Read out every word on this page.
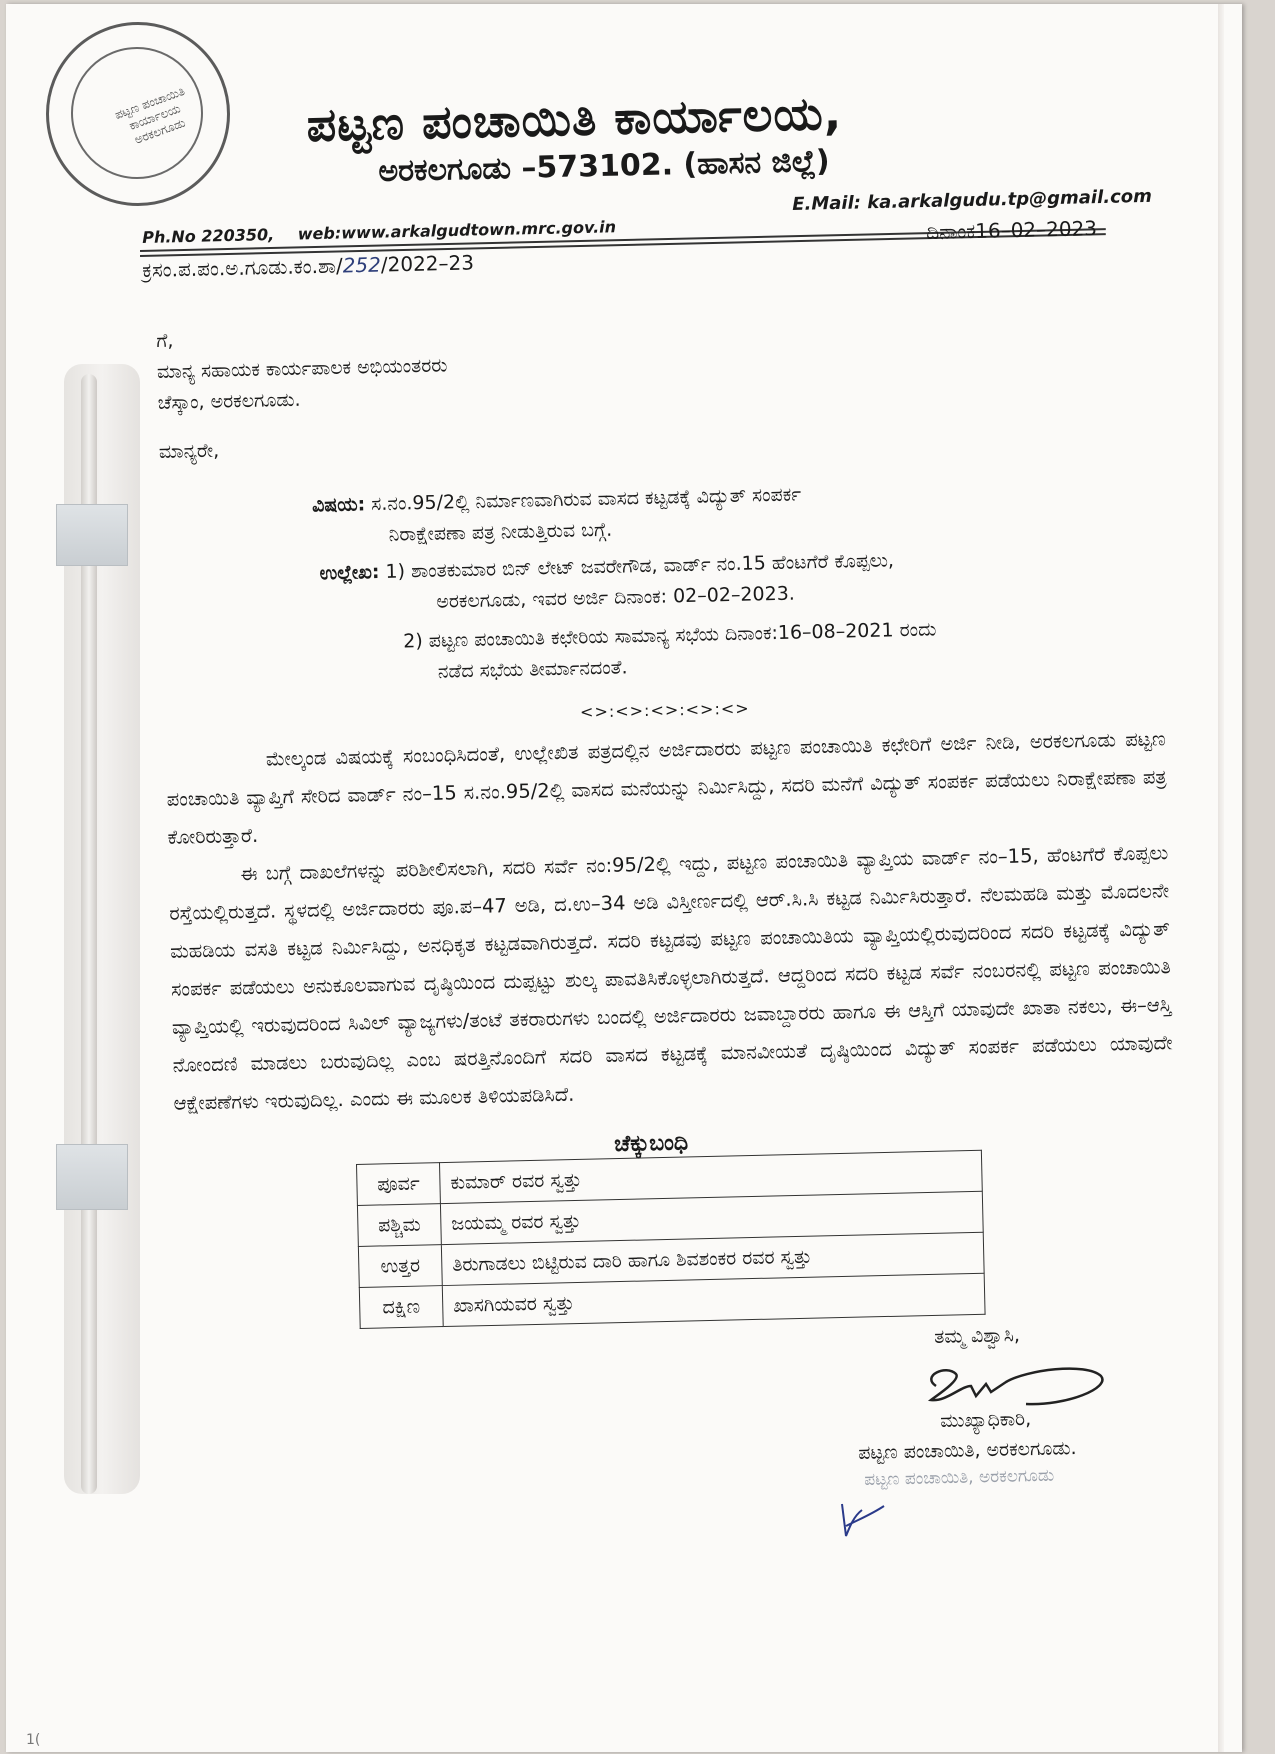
ಪಟ್ಟಣ ಪಂಚಾಯಿತಿ ಕಾರ್ಯಾಲಯ ಅರಕಲಗೂಡು	ಪಟ್ಟಣ ಪಂಚಾಯಿತಿ ಕಾರ್ಯಾಲಯ,
ಅರಕಲಗೂಡು –573102. (ಹಾಸನ ಜಿಲ್ಲೆ)
E.Mail: ka.arkalgudu.tp@gmail.com
Ph.No 220350, web:www.arkalgudtown.mrc.gov.in	ದಿನಾಂಕ16–02–2023
ಕ್ರಸಂ.ಪ.ಪಂ.ಅ.ಗೂಡು.ಕಂ.ಶಾ/252/2022–23
ಗೆ,
ಮಾನ್ಯ ಸಹಾಯಕ ಕಾರ್ಯಪಾಲಕ ಅಭಿಯಂತರರು
ಚೆಸ್ಕಾಂ, ಅರಕಲಗೂಡು.
ಮಾನ್ಯರೇ,
ವಿಷಯ: ಸ.ನಂ.95/2ಲ್ಲಿ ನಿರ್ಮಾಣವಾಗಿರುವ ವಾಸದ ಕಟ್ಟಡಕ್ಕೆ ವಿದ್ಯುತ್ ಸಂಪರ್ಕ
ನಿರಾಕ್ಷೇಪಣಾ ಪತ್ರ ನೀಡುತ್ತಿರುವ ಬಗ್ಗೆ.
ಉಲ್ಲೇಖ: 1) ಶಾಂತಕುಮಾರ ಬಿನ್ ಲೇಟ್ ಜವರೇಗೌಡ, ವಾರ್ಡ್ ನಂ.15 ಹೆಂಟಗೆರೆ ಕೊಪ್ಪಲು,
ಅರಕಲಗೂಡು, ಇವರ ಅರ್ಜಿ ದಿನಾಂಕ: 02–02–2023.
2) ಪಟ್ಟಣ ಪಂಚಾಯಿತಿ ಕಛೇರಿಯ ಸಾಮಾನ್ಯ ಸಭೆಯ ದಿನಾಂಕ:16–08–2021 ರಂದು
ನಡೆದ ಸಭೆಯ ತೀರ್ಮಾನದಂತೆ.
<>:<>:<>:<>:<>

ಮೇಲ್ಕಂಡ ವಿಷಯಕ್ಕೆ ಸಂಬಂಧಿಸಿದಂತೆ, ಉಲ್ಲೇಖಿತ ಪತ್ರದಲ್ಲಿನ ಅರ್ಜಿದಾರರು ಪಟ್ಟಣ ಪಂಚಾಯಿತಿ ಕಛೇರಿಗೆ ಅರ್ಜಿ ನೀಡಿ, ಅರಕಲಗೂಡು ಪಟ್ಟಣ ಪಂಚಾಯಿತಿ ವ್ಯಾಪ್ತಿಗೆ ಸೇರಿದ ವಾರ್ಡ್ ನಂ–15 ಸ.ನಂ.95/2ಲ್ಲಿ ವಾಸದ ಮನೆಯನ್ನು ನಿರ್ಮಿಸಿದ್ದು, ಸದರಿ ಮನೆಗೆ ವಿದ್ಯುತ್ ಸಂಪರ್ಕ ಪಡೆಯಲು ನಿರಾಕ್ಷೇಪಣಾ ಪತ್ರ ಕೋರಿರುತ್ತಾರೆ.

ಈ ಬಗ್ಗೆ ದಾಖಲೆಗಳನ್ನು ಪರಿಶೀಲಿಸಲಾಗಿ, ಸದರಿ ಸರ್ವೆ ನಂ:95/2ಲ್ಲಿ ಇದ್ದು, ಪಟ್ಟಣ ಪಂಚಾಯಿತಿ ವ್ಯಾಪ್ತಿಯ ವಾರ್ಡ್ ನಂ–15, ಹೆಂಟಗೆರೆ ಕೊಪ್ಪಲು ರಸ್ತೆಯಲ್ಲಿರುತ್ತದೆ. ಸ್ಥಳದಲ್ಲಿ ಅರ್ಜಿದಾರರು ಪೂ.ಪ–47 ಅಡಿ, ದ.ಉ–34 ಅಡಿ ವಿಸ್ತೀರ್ಣದಲ್ಲಿ ಆರ್.ಸಿ.ಸಿ ಕಟ್ಟಡ ನಿರ್ಮಿಸಿರುತ್ತಾರೆ. ನೆಲಮಹಡಿ ಮತ್ತು ಮೊದಲನೇ ಮಹಡಿಯ ವಸತಿ ಕಟ್ಟಡ ನಿರ್ಮಿಸಿದ್ದು, ಅನಧಿಕೃತ ಕಟ್ಟಡವಾಗಿರುತ್ತದೆ. ಸದರಿ ಕಟ್ಟಡವು ಪಟ್ಟಣ ಪಂಚಾಯಿತಿಯ ವ್ಯಾಪ್ತಿಯಲ್ಲಿರುವುದರಿಂದ ಸದರಿ ಕಟ್ಟಡಕ್ಕೆ ವಿದ್ಯುತ್ ಸಂಪರ್ಕ ಪಡೆಯಲು ಅನುಕೂಲವಾಗುವ ದೃಷ್ಠಿಯಿಂದ ದುಪ್ಪಟ್ಟು ಶುಲ್ಕ ಪಾವತಿಸಿಕೊಳ್ಳಲಾಗಿರುತ್ತದೆ. ಆದ್ದರಿಂದ ಸದರಿ ಕಟ್ಟಡ ಸರ್ವೆ ನಂಬರನಲ್ಲಿ ಪಟ್ಟಣ ಪಂಚಾಯಿತಿ ವ್ಯಾಪ್ತಿಯಲ್ಲಿ ಇರುವುದರಿಂದ ಸಿವಿಲ್ ವ್ಯಾಜ್ಯಗಳು/ತಂಟೆ ತಕರಾರುಗಳು ಬಂದಲ್ಲಿ ಅರ್ಜಿದಾರರು ಜವಾಬ್ದಾರರು ಹಾಗೂ ಈ ಆಸ್ತಿಗೆ ಯಾವುದೇ ಖಾತಾ ನಕಲು, ಈ–ಆಸ್ತಿ ನೋಂದಣಿ ಮಾಡಲು ಬರುವುದಿಲ್ಲ ಎಂಬ ಷರತ್ತಿನೊಂದಿಗೆ ಸದರಿ ವಾಸದ ಕಟ್ಟಡಕ್ಕೆ ಮಾನವೀಯತೆ ದೃಷ್ಠಿಯಿಂದ ವಿದ್ಯುತ್ ಸಂಪರ್ಕ ಪಡೆಯಲು ಯಾವುದೇ ಆಕ್ಷೇಪಣೆಗಳು ಇರುವುದಿಲ್ಲ. ಎಂದು ಈ ಮೂಲಕ ತಿಳಿಯಪಡಿಸಿದೆ.

ಚೆಕ್ಕುಬಂಧಿ
ಪೂರ್ವ	ಕುಮಾರ್ ರವರ ಸ್ವತ್ತು
ಪಶ್ಚಿಮ	ಜಯಮ್ಮ ರವರ ಸ್ವತ್ತು
ಉತ್ತರ	ತಿರುಗಾಡಲು ಬಿಟ್ಟಿರುವ ದಾರಿ ಹಾಗೂ ಶಿವಶಂಕರ ರವರ ಸ್ವತ್ತು
ದಕ್ಷಿಣ	ಖಾಸಗಿಯವರ ಸ್ವತ್ತು
ತಮ್ಮ ವಿಶ್ವಾಸಿ,
ಮುಖ್ಯಾಧಿಕಾರಿ,
ಪಟ್ಟಣ ಪಂಚಾಯಿತಿ, ಅರಕಲಗೂಡು.
ಪಟ್ಟಣ ಪಂಚಾಯಿತಿ, ಅರಕಲಗೂಡು
1(
